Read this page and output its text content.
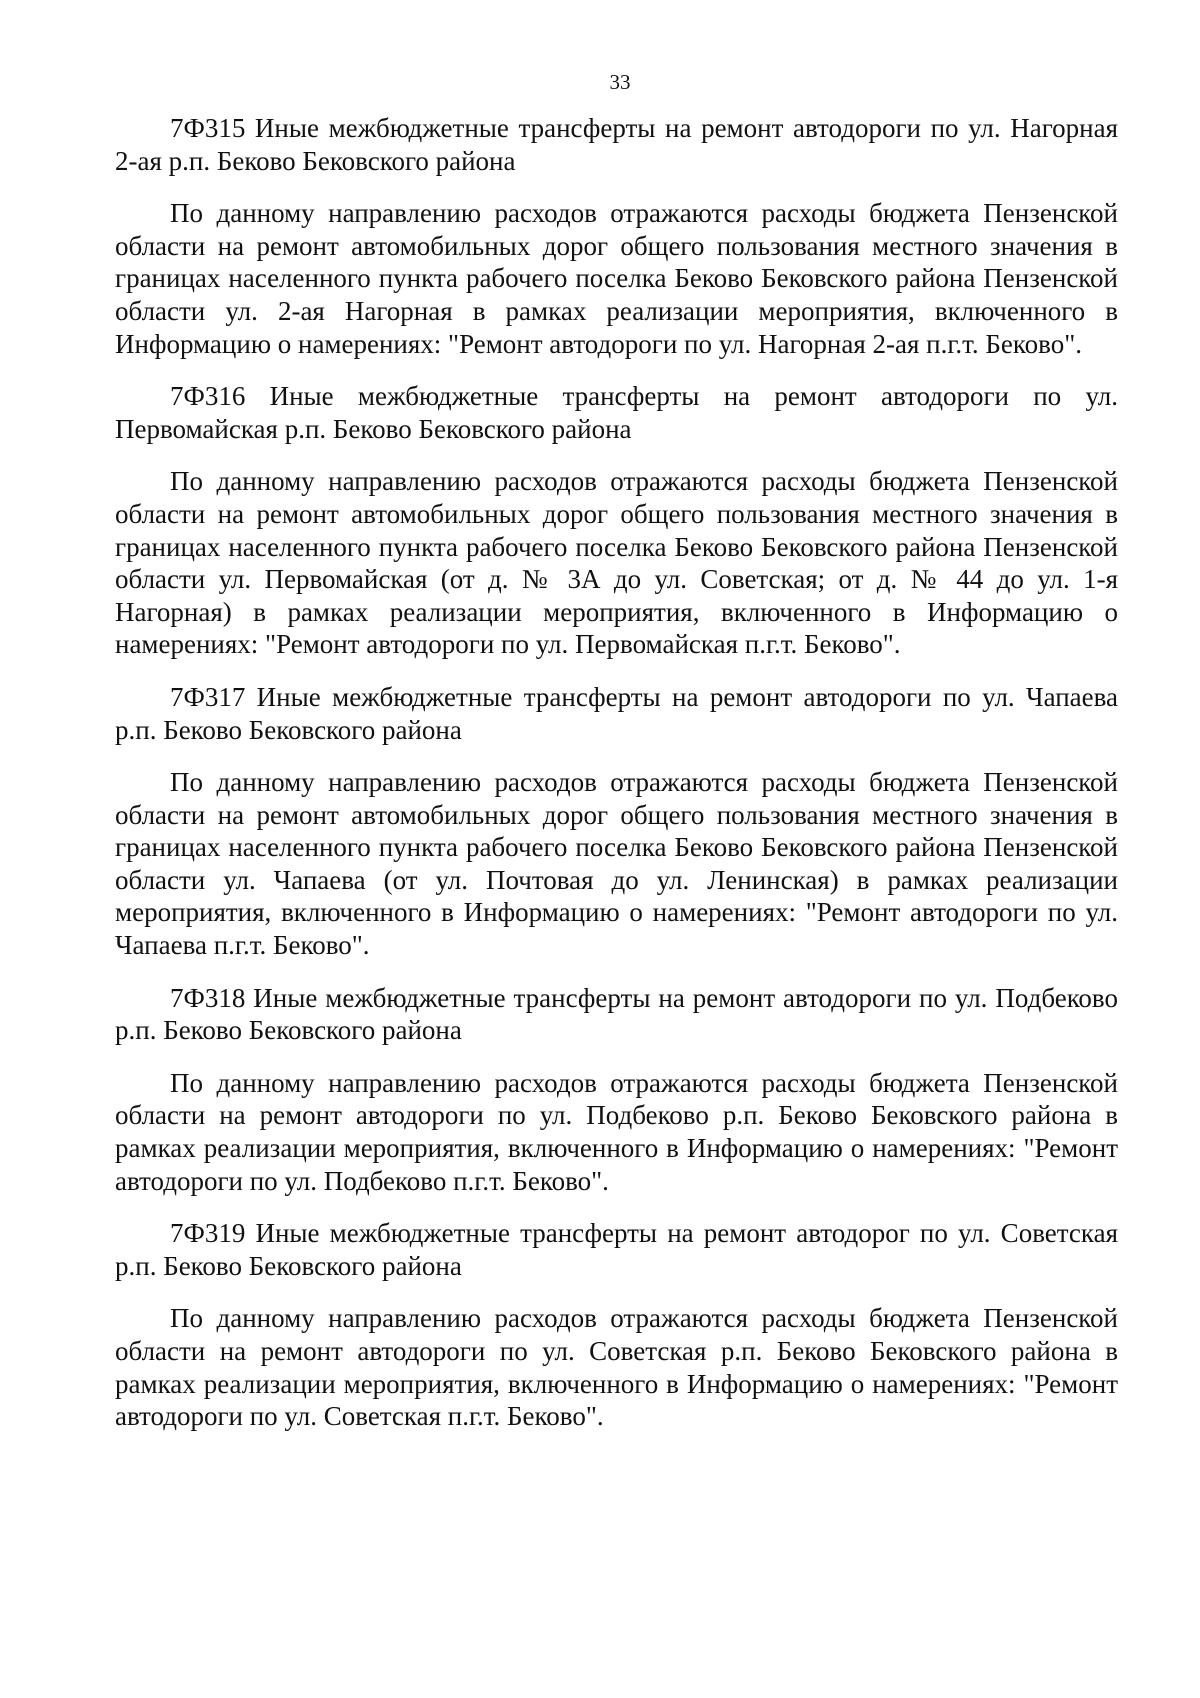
33

7Ф315 Иные межбюджетные трансферты на ремонт автодороги по ул. Нагорная 2-ая р.п. Беково Бековского района

По данному направлению расходов отражаются расходы бюджета Пензенской области на ремонт автомобильных дорог общего пользования местного значения в границах населенного пункта рабочего поселка Беково Бековского района Пензенской области ул. 2-ая Нагорная в рамках реализации мероприятия, включенного в Информацию о намерениях: "Ремонт автодороги по ул. Нагорная 2-ая п.г.т. Беково".

7Ф316 Иные межбюджетные трансферты на ремонт автодороги по ул. Первомайская р.п. Беково Бековского района

По данному направлению расходов отражаются расходы бюджета Пензенской области на ремонт автомобильных дорог общего пользования местного значения в границах населенного пункта рабочего поселка Беково Бековского района Пензенской области ул. Первомайская (от д. № 3А до ул. Советская; от д. № 44 до ул. 1-я Нагорная) в рамках реализации мероприятия, включенного в Информацию о намерениях: "Ремонт автодороги по ул. Первомайская п.г.т. Беково".

7Ф317 Иные межбюджетные трансферты на ремонт автодороги по ул. Чапаева р.п. Беково Бековского района

По данному направлению расходов отражаются расходы бюджета Пензенской области на ремонт автомобильных дорог общего пользования местного значения в границах населенного пункта рабочего поселка Беково Бековского района Пензенской области ул. Чапаева (от ул. Почтовая до ул. Ленинская) в рамках реализации мероприятия, включенного в Информацию о намерениях: "Ремонт автодороги по ул. Чапаева п.г.т. Беково".

7Ф318 Иные межбюджетные трансферты на ремонт автодороги по ул. Подбеково р.п. Беково Бековского района

По данному направлению расходов отражаются расходы бюджета Пензенской области на ремонт автодороги по ул. Подбеково р.п. Беково Бековского района в рамках реализации мероприятия, включенного в Информацию о намерениях: "Ремонт автодороги по ул. Подбеково п.г.т. Беково".

7Ф319 Иные межбюджетные трансферты на ремонт автодорог по ул. Советская р.п. Беково Бековского района

По данному направлению расходов отражаются расходы бюджета Пензенской области на ремонт автодороги по ул. Советская р.п. Беково Бековского района в рамках реализации мероприятия, включенного в Информацию о намерениях: "Ремонт автодороги по ул. Советская п.г.т. Беково".
